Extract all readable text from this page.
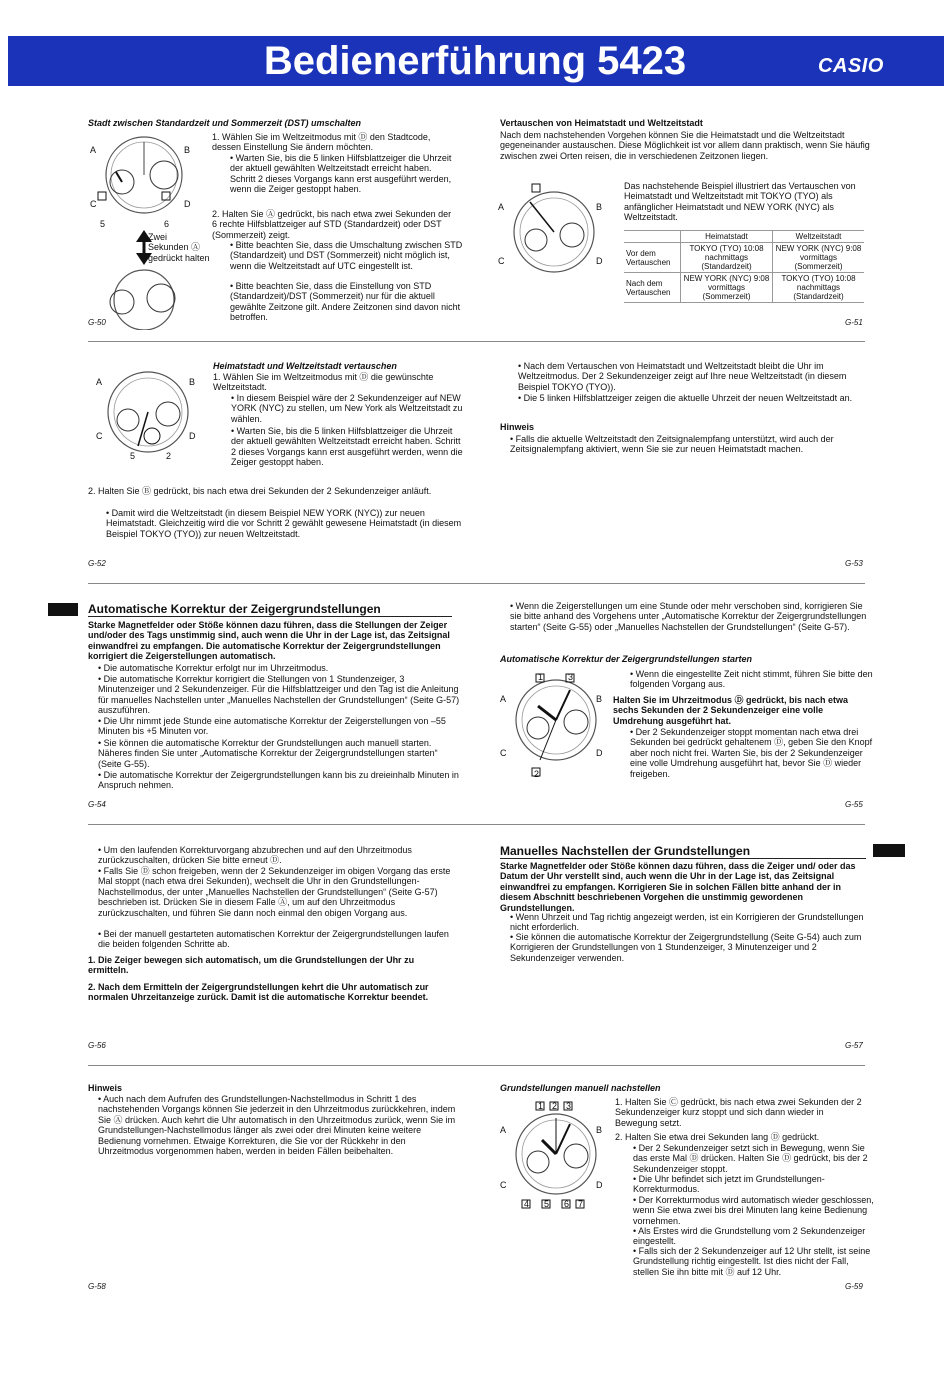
Bedienerführung 5423	CASIO
Stadt zwischen Standardzeit und Sommerzeit (DST) umschalten
A	B
C	D
5	6
Zwei Sekunden Ⓐ gedrückt halten
1. Wählen Sie im Weltzeitmodus mit Ⓓ den Stadtcode, dessen Einstellung Sie ändern möchten.
• Warten Sie, bis die 5 linken Hilfsblattzeiger die Uhrzeit der aktuell gewählten Weltzeitstadt erreicht haben. Schritt 2 dieses Vorgangs kann erst ausgeführt werden, wenn die Zeiger gestoppt haben.
2. Halten Sie Ⓐ gedrückt, bis nach etwa zwei Sekunden der 6 rechte Hilfsblattzeiger auf STD (Standardzeit) oder DST (Sommerzeit) zeigt.
• Bitte beachten Sie, dass die Umschaltung zwischen STD (Standardzeit) und DST (Sommerzeit) nicht möglich ist, wenn die Weltzeitstadt auf UTC eingestellt ist.
• Bitte beachten Sie, dass die Einstellung von STD (Standardzeit)/DST (Sommerzeit) nur für die aktuell gewählte Zeitzone gilt. Andere Zeitzonen sind davon nicht betroffen.
G-50
Vertauschen von Heimatstadt und Weltzeitstadt
Nach dem nachstehenden Vorgehen können Sie die Heimatstadt und die Weltzeitstadt gegeneinander austauschen. Diese Möglichkeit ist vor allem dann praktisch, wenn Sie häufig zwischen zwei Orten reisen, die in verschiedenen Zeitzonen liegen.
A	B
C	D
Das nachstehende Beispiel illustriert das Vertauschen von Heimatstadt und Weltzeitstadt mit TOKYO (TYO) als anfänglicher Heimatstadt und NEW YORK (NYC) als Weltzeitstadt.
	Heimatstadt	Weltzeitstadt
Vor dem Vertauschen	TOKYO (TYO) 10:08 nachmittags (Standardzeit)	NEW YORK (NYC) 9:08 vormittags (Sommerzeit)
Nach dem Vertauschen	NEW YORK (NYC) 9:08 vormittags (Sommerzeit)	TOKYO (TYO) 10:08 nachmittags (Standardzeit)
G-51
A	B
C	D
5	2
Heimatstadt und Weltzeitstadt vertauschen
1. Wählen Sie im Weltzeitmodus mit Ⓓ die gewünschte Weltzeitstadt.
• In diesem Beispiel wäre der 2 Sekundenzeiger auf NEW YORK (NYC) zu stellen, um New York als Weltzeitstadt zu wählen.
• Warten Sie, bis die 5 linken Hilfsblattzeiger die Uhrzeit der aktuell gewählten Weltzeitstadt erreicht haben. Schritt 2 dieses Vorgangs kann erst ausgeführt werden, wenn die Zeiger gestoppt haben.
2. Halten Sie Ⓑ gedrückt, bis nach etwa drei Sekunden der 2 Sekundenzeiger anläuft.
• Damit wird die Weltzeitstadt (in diesem Beispiel NEW YORK (NYC)) zur neuen Heimatstadt. Gleichzeitig wird die vor Schritt 2 gewählt gewesene Heimatstadt (in diesem Beispiel TOKYO (TYO)) zur neuen Weltzeitstadt.
G-52
• Nach dem Vertauschen von Heimatstadt und Weltzeitstadt bleibt die Uhr im Weltzeitmodus. Der 2 Sekundenzeiger zeigt auf Ihre neue Weltzeitstadt (in diesem Beispiel TOKYO (TYO)).
• Die 5 linken Hilfsblattzeiger zeigen die aktuelle Uhrzeit der neuen Weltzeitstadt an.
Hinweis
• Falls die aktuelle Weltzeitstadt den Zeitsignalempfang unterstützt, wird auch der Zeitsignalempfang aktiviert, wenn Sie sie zur neuen Heimatstadt machen.
G-53
Automatische Korrektur der Zeigergrundstellungen
Starke Magnetfelder oder Stöße können dazu führen, dass die Stellungen der Zeiger und/oder des Tags unstimmig sind, auch wenn die Uhr in der Lage ist, das Zeitsignal einwandfrei zu empfangen. Die automatische Korrektur der Zeigergrundstellungen korrigiert die Zeigerstellungen automatisch.
• Die automatische Korrektur erfolgt nur im Uhrzeitmodus.
• Die automatische Korrektur korrigiert die Stellungen von 1 Stundenzeiger, 3 Minutenzeiger und 2 Sekundenzeiger. Für die Hilfsblattzeiger und den Tag ist die Anleitung für manuelles Nachstellen unter „Manuelles Nachstellen der Grundstellungen“ (Seite G-57) auszuführen.
• Die Uhr nimmt jede Stunde eine automatische Korrektur der Zeigerstellungen von –55 Minuten bis +5 Minuten vor.
• Sie können die automatische Korrektur der Grundstellungen auch manuell starten. Näheres finden Sie unter „Automatische Korrektur der Zeigergrundstellungen starten“ (Seite G-55).
• Die automatische Korrektur der Zeigergrundstellungen kann bis zu dreieinhalb Minuten in Anspruch nehmen.
G-54
• Wenn die Zeigerstellungen um eine Stunde oder mehr verschoben sind, korrigieren Sie sie bitte anhand des Vorgehens unter „Automatische Korrektur der Zeigergrundstellungen starten“ (Seite G-55) oder „Manuelles Nachstellen der Grundstellungen“ (Seite G-57).
Automatische Korrektur der Zeigergrundstellungen starten
1	3
A	B
C	D
2
• Wenn die eingestellte Zeit nicht stimmt, führen Sie bitte den folgenden Vorgang aus.
Halten Sie im Uhrzeitmodus Ⓓ gedrückt, bis nach etwa sechs Sekunden der 2 Sekundenzeiger eine volle Umdrehung ausgeführt hat.
• Der 2 Sekundenzeiger stoppt momentan nach etwa drei Sekunden bei gedrückt gehaltenem Ⓓ, geben Sie den Knopf aber noch nicht frei. Warten Sie, bis der 2 Sekundenzeiger eine volle Umdrehung ausgeführt hat, bevor Sie Ⓓ wieder freigeben.
G-55
• Um den laufenden Korrekturvorgang abzubrechen und auf den Uhrzeitmodus zurückzuschalten, drücken Sie bitte erneut Ⓓ.
• Falls Sie Ⓓ schon freigeben, wenn der 2 Sekundenzeiger im obigen Vorgang das erste Mal stoppt (nach etwa drei Sekunden), wechselt die Uhr in den Grundstellungen-Nachstellmodus, der unter „Manuelles Nachstellen der Grundstellungen“ (Seite G-57) beschrieben ist. Drücken Sie in diesem Falle Ⓐ, um auf den Uhrzeitmodus zurückzuschalten, und führen Sie dann noch einmal den obigen Vorgang aus.
• Bei der manuell gestarteten automatischen Korrektur der Zeigergrundstellungen laufen die beiden folgenden Schritte ab.
1. Die Zeiger bewegen sich automatisch, um die Grundstellungen der Uhr zu ermitteln.
2. Nach dem Ermitteln der Zeigergrundstellungen kehrt die Uhr automatisch zur normalen Uhrzeitanzeige zurück. Damit ist die automatische Korrektur beendet.
G-56
Manuelles Nachstellen der Grundstellungen
Starke Magnetfelder oder Stöße können dazu führen, dass die Zeiger und/ oder das Datum der Uhr verstellt sind, auch wenn die Uhr in der Lage ist, das Zeitsignal einwandfrei zu empfangen. Korrigieren Sie in solchen Fällen bitte anhand der in diesem Abschnitt beschriebenen Vorgehen die unstimmig gewordenen Grundstellungen.
• Wenn Uhrzeit und Tag richtig angezeigt werden, ist ein Korrigieren der Grundstellungen nicht erforderlich.
• Sie können die automatische Korrektur der Zeigergrundstellung (Seite G-54) auch zum Korrigieren der Grundstellungen von 1 Stundenzeiger, 3 Minutenzeiger und 2 Sekundenzeiger verwenden.
G-57
Hinweis
• Auch nach dem Aufrufen des Grundstellungen-Nachstellmodus in Schritt 1 des nachstehenden Vorgangs können Sie jederzeit in den Uhrzeitmodus zurückkehren, indem Sie Ⓐ drücken. Auch kehrt die Uhr automatisch in den Uhrzeitmodus zurück, wenn Sie im Grundstellungen-Nachstellmodus länger als zwei oder drei Minuten keine weitere Bedienung vornehmen. Etwaige Korrekturen, die Sie vor der Rückkehr in den Uhrzeitmodus vorgenommen haben, werden in beiden Fällen beibehalten.
G-58
Grundstellungen manuell nachstellen
1 2 3
A	B
C	D
4 5 6 7
1. Halten Sie Ⓒ gedrückt, bis nach etwa zwei Sekunden der 2 Sekundenzeiger kurz stoppt und sich dann wieder in Bewegung setzt.
2. Halten Sie etwa drei Sekunden lang Ⓓ gedrückt.
• Der 2 Sekundenzeiger setzt sich in Bewegung, wenn Sie das erste Mal Ⓓ drücken. Halten Sie Ⓓ gedrückt, bis der 2 Sekundenzeiger stoppt.
• Die Uhr befindet sich jetzt im Grundstellungen-Korrekturmodus.
• Der Korrekturmodus wird automatisch wieder geschlossen, wenn Sie etwa zwei bis drei Minuten lang keine Bedienung vornehmen.
• Als Erstes wird die Grundstellung vom 2 Sekundenzeiger eingestellt.
• Falls sich der 2 Sekundenzeiger auf 12 Uhr stellt, ist seine Grundstellung richtig eingestellt. Ist dies nicht der Fall, stellen Sie ihn bitte mit Ⓓ auf 12 Uhr.
G-59
